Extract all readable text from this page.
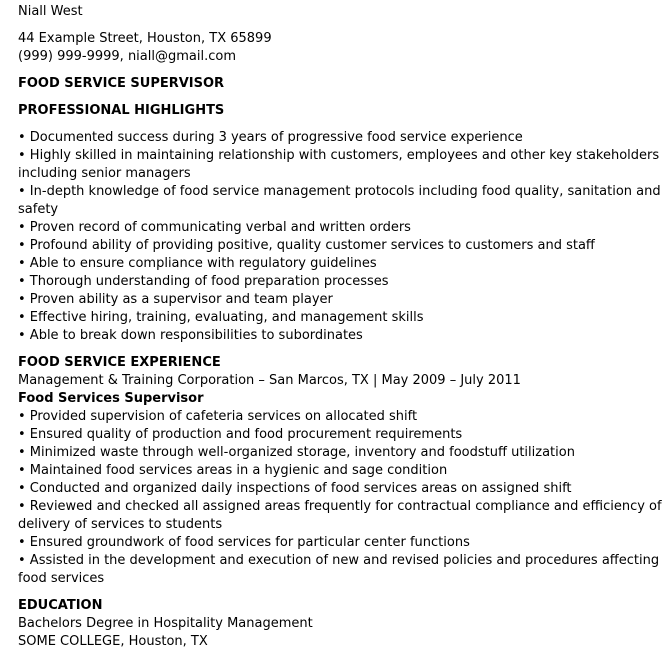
Niall West
44 Example Street, Houston, TX 65899
(999) 999-9999, niall@gmail.com
FOOD SERVICE SUPERVISOR
PROFESSIONAL HIGHLIGHTS
• Documented success during 3 years of progressive food service experience
• Highly skilled in maintaining relationship with customers, employees and other key stakeholders including senior managers
• In-depth knowledge of food service management protocols including food quality, sanitation and safety
• Proven record of communicating verbal and written orders
• Profound ability of providing positive, quality customer services to customers and staff
• Able to ensure compliance with regulatory guidelines
• Thorough understanding of food preparation processes
• Proven ability as a supervisor and team player
• Effective hiring, training, evaluating, and management skills
• Able to break down responsibilities to subordinates
FOOD SERVICE EXPERIENCE
Management & Training Corporation – San Marcos, TX | May 2009 – July 2011
Food Services Supervisor
• Provided supervision of cafeteria services on allocated shift
• Ensured quality of production and food procurement requirements
• Minimized waste through well-organized storage, inventory and foodstuff utilization
• Maintained food services areas in a hygienic and sage condition
• Conducted and organized daily inspections of food services areas on assigned shift
• Reviewed and checked all assigned areas frequently for contractual compliance and efficiency of delivery of services to students
• Ensured groundwork of food services for particular center functions
• Assisted in the development and execution of new and revised policies and procedures affecting food services
EDUCATION
Bachelors Degree in Hospitality Management
SOME COLLEGE, Houston, TX
